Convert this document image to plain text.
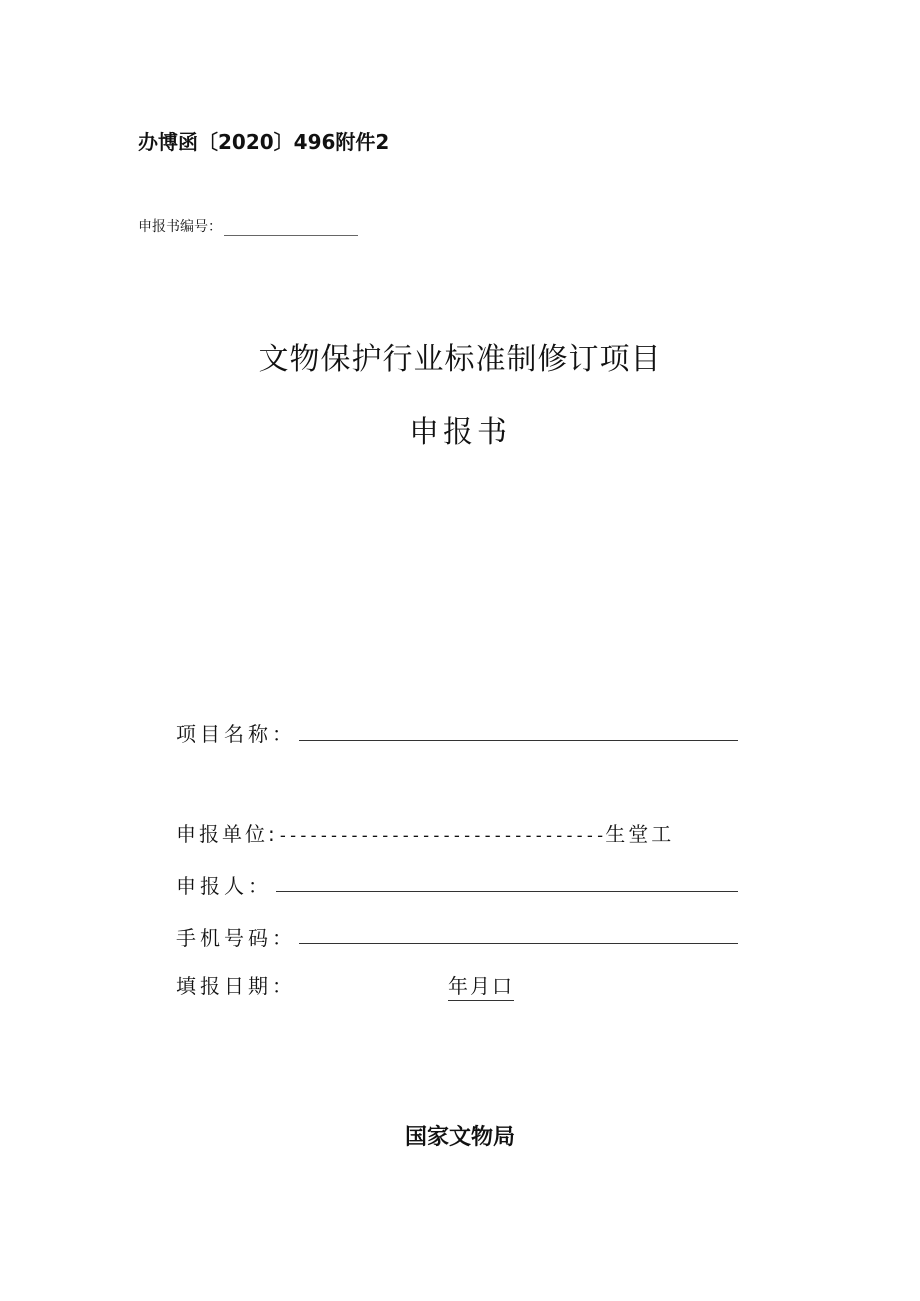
办博函〔2020〕496附件2
申报书编号：
文物保护行业标准制修订项目
申报书
项目名称：
申报单位:--------------------------------生堂工
申报人：
手机号码：
填报日期：	年月口
国家文物局
